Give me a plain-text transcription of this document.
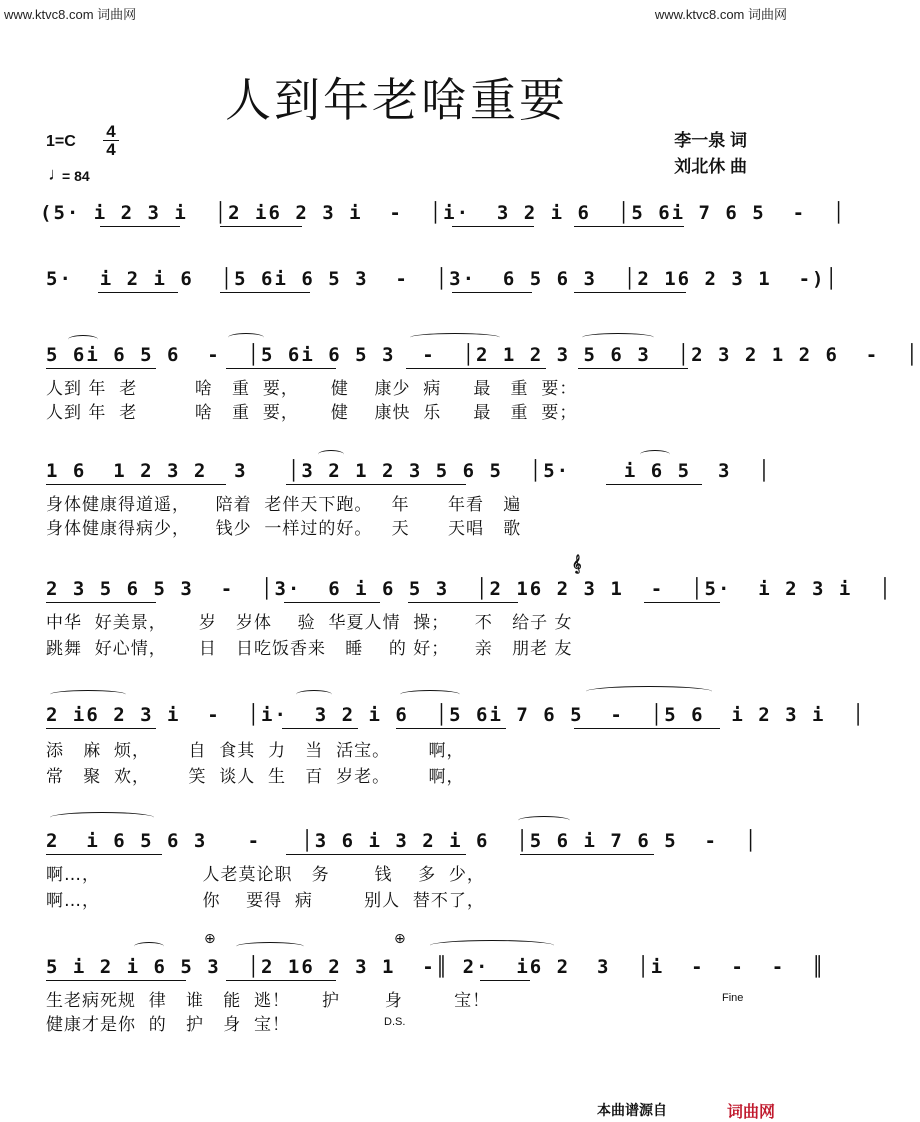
www.ktvc8.com 词曲网	www.ktvc8.com 词曲网
人到年老啥重要
1=C
4
4
♩
= 84
李一泉 词
刘北休 曲
(5· i 2 3 i  │2 i6 2 3 i  -  │i·  3 2 i 6  │5 6i 7 6 5  -  │
5·  i 2 i 6  │5 6i 6 5 3  -  │3·  6 5 6 3  │2 16 2 3 1  -)│
5 6i 6 5 6  -  │5 6i 6 5 3  -  │2 1 2 3 5 6 3  │2 3 2 1 2 6  -  │
人到 年  老         啥   重  要，     健    康少  病     最   重  要：
人到 年  老         啥   重  要，     健    康快  乐     最   重  要；
1 6  1 2 3 2  3   │3 2 1 2 3 5 6 5  │5·    i 6 5  3  │
身体健康得道遥，    陪着  老伴天下跑。   年      年看   遍
身体健康得病少，    钱少  一样过的好。   天      天唱   歌
𝄞
2 3 5 6 5 3  -  │3·  6 i 6 5 3  │2 16 2 3 1  -  │5·  i 2 3 i  │
中华  好美景，     岁   岁体    验  华夏人情  操；    不   给子 女
跳舞  好心情，     日   日吃饭香来   睡    的 好；    亲   朋老 友
2 i6 2 3 i  -  │i·  3 2 i 6  │5 6i 7 6 5  -  │5 6  i 2 3 i  │
添   麻  烦，      自  食其  力   当  活宝。      啊，
常   聚  欢，      笑  谈人  生   百  岁老。      啊，
2  i 6 5 6 3   -   │3 6 i 3 2 i 6  │5 6 i 7 6 5  -  │
啊…，                人老莫论职   务       钱    多  少，
啊…，                你    要得  病        别人  替不了，
⊕	⊕
5 i 2 i 6 5 3  │2 16 2 3 1  -║ 2·  i6 2  3  │i  -  -  -  ║
生老病死规  律   谁   能  逃！     护       身        宝！	Fine
健康才是你  的   护   身  宝！	D.S.
本曲谱源自	词曲网
